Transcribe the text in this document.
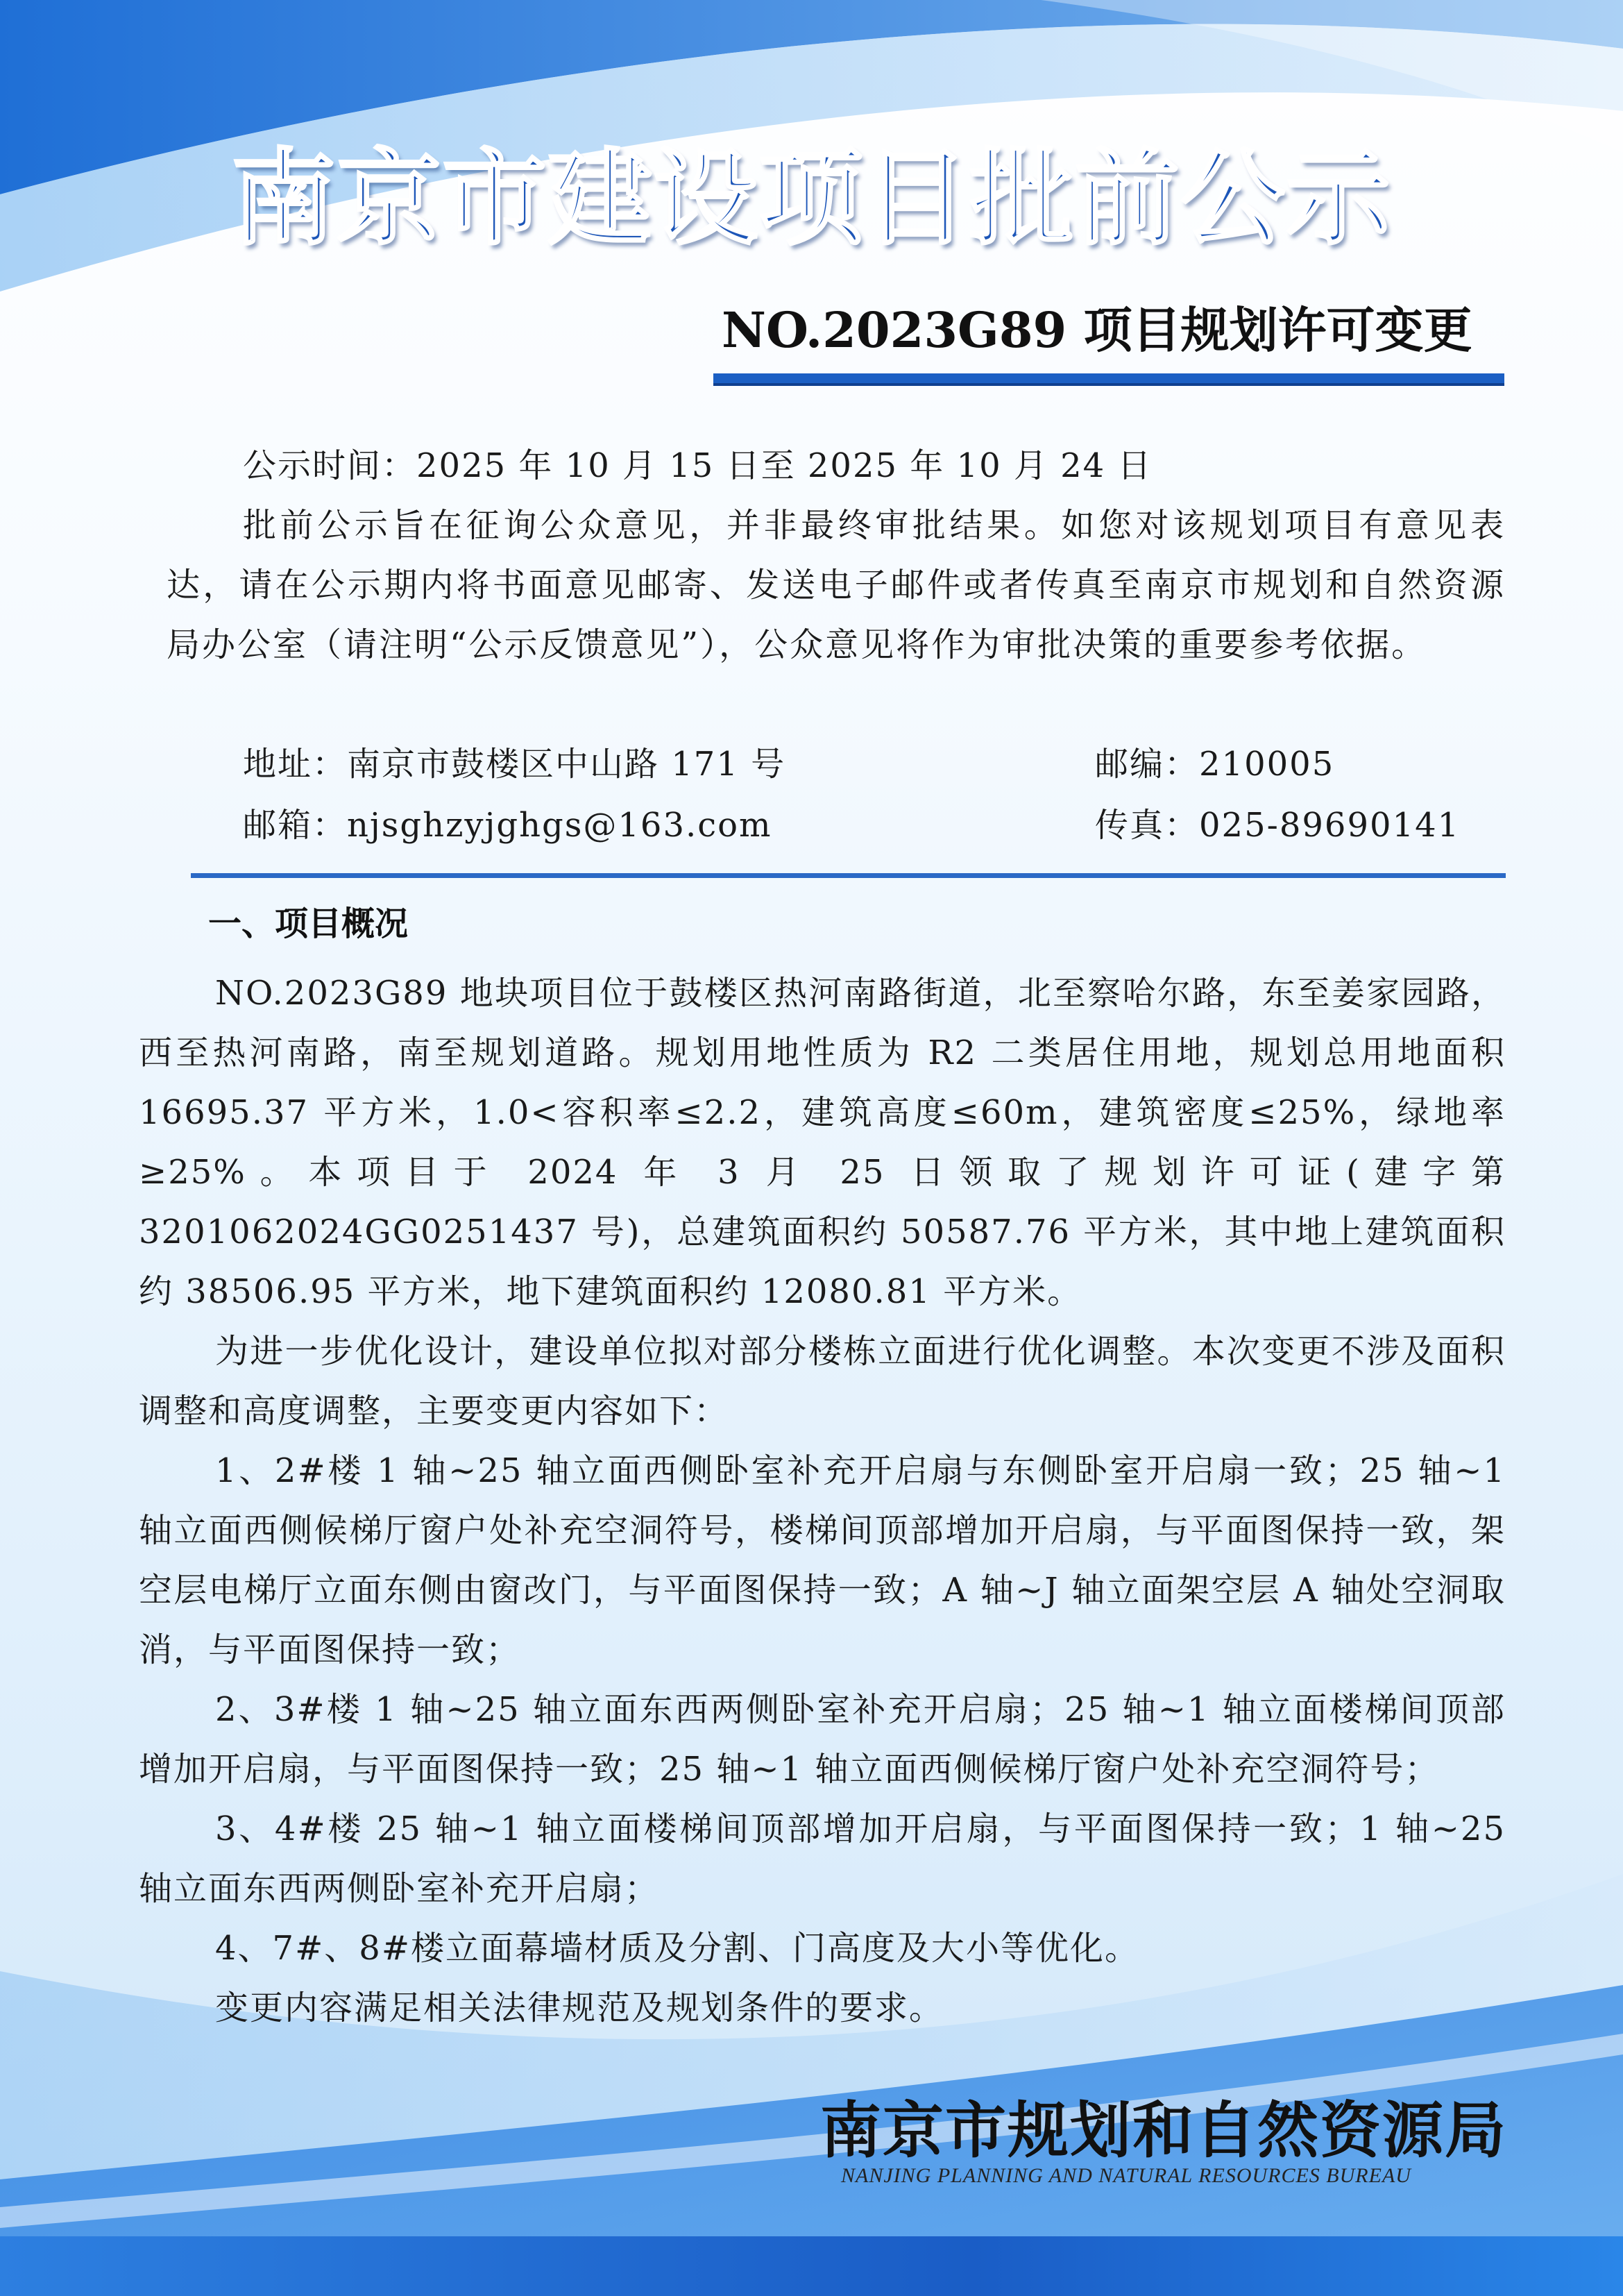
南京市建设项目批前公示
NO.2023G89 项目规划许可变更

公示时间：2025 年 10 月 15 日至 2025 年 10 月 24 日

批前公示旨在征询公众意见，并非最终审批结果。如您对该规划项目有意见表达，请在公示期内将书面意见邮寄、发送电子邮件或者传真至南京市规划和自然资源局办公室（请注明“公示反馈意见”），公众意见将作为审批决策的重要参考依据。

地址：南京市鼓楼区中山路 171 号	邮编：210005
邮箱：njsghzyjghgs@163.com	传真：025-89690141
一、项目概况

NO.2023G89 地块项目位于鼓楼区热河南路街道，北至察哈尔路，东至姜家园路，西至热河南路，南至规划道路。规划用地性质为 R2 二类居住用地，规划总用地面积 16695.37 平方米，1.0<容积率≤2.2，建筑高度≤60m，建筑密度≤25%，绿地率≥25%。本项目于 2024 年 3 月 25 日领取了规划许可证(建字第3201062024GG0251437 号)，总建筑面积约 50587.76 平方米，其中地上建筑面积约 38506.95 平方米，地下建筑面积约 12080.81 平方米。

为进一步优化设计，建设单位拟对部分楼栋立面进行优化调整。本次变更不涉及面积调整和高度调整，主要变更内容如下：

1、2#楼 1 轴~25 轴立面西侧卧室补充开启扇与东侧卧室开启扇一致；25 轴~1 轴立面西侧候梯厅窗户处补充空洞符号，楼梯间顶部增加开启扇，与平面图保持一致，架空层电梯厅立面东侧由窗改门，与平面图保持一致；A 轴~J 轴立面架空层 A 轴处空洞取消，与平面图保持一致；

2、3#楼 1 轴~25 轴立面东西两侧卧室补充开启扇；25 轴~1 轴立面楼梯间顶部增加开启扇，与平面图保持一致；25 轴~1 轴立面西侧候梯厅窗户处补充空洞符号；

3、4#楼 25 轴~1 轴立面楼梯间顶部增加开启扇，与平面图保持一致；1 轴~25 轴立面东西两侧卧室补充开启扇；

4、7#、8#楼立面幕墙材质及分割、门高度及大小等优化。

变更内容满足相关法律规范及规划条件的要求。

南京市规划和自然资源局
NANJING PLANNING AND NATURAL RESOURCES BUREAU
